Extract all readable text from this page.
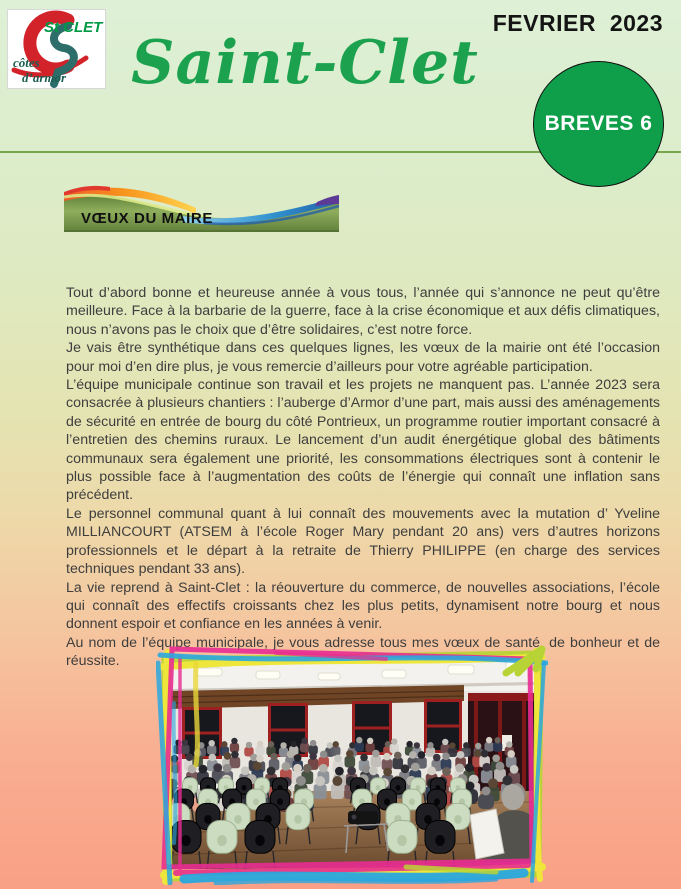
St CLET
côtes
d’armor Saint-Clet
FEVRIER 2023
BREVES 6
VŒUX DU MAIRE

Tout d’abord bonne et heureuse année à vous tous, l’année qui s’annonce ne peut qu’être meilleure. Face à la barbarie de la guerre, face à la crise économique et aux défis climatiques, nous n’avons pas le choix que d’être solidaires, c’est notre force.

Je vais être synthétique dans ces quelques lignes, les vœux de la mairie ont été l’occasion pour moi d’en dire plus, je vous remercie d’ailleurs pour votre agréable participation.

L’équipe municipale continue son travail et les projets ne manquent pas. L’année 2023 sera consacrée à plusieurs chantiers : l’auberge d’Armor d’une part, mais aussi des aménagements de sécurité en entrée de bourg du côté Pontrieux, un programme routier important consacré à l’entretien des chemins ruraux. Le lancement d’un audit énergétique global des bâtiments communaux sera également une priorité, les consommations électriques sont à contenir le plus possible face à l’augmentation des coûts de l’énergie qui connaît une inflation sans précédent.

Le personnel communal quant à lui connaît des mouvements avec la mutation d’ Yveline MILLIANCOURT (ATSEM à l’école Roger Mary pendant 20 ans) vers d’autres horizons professionnels et le départ à la retraite de Thierry PHILIPPE (en charge des services techniques pendant 33 ans).

La vie reprend à Saint-Clet : la réouverture du commerce, de nouvelles associations, l’école qui connaît des effectifs croissants chez les plus petits, dynamisent notre bourg et nous donnent espoir et confiance en les années à venir.

Au nom de l’équipe municipale, je vous adresse tous mes vœux de santé, de bonheur et de réussite.
